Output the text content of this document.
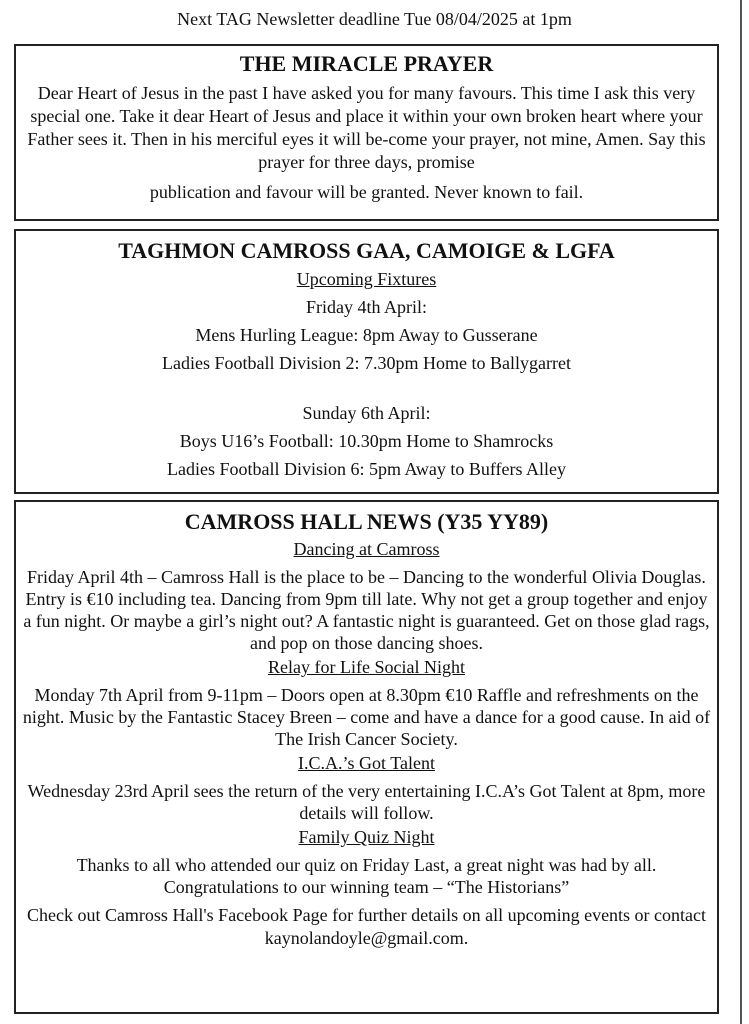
Next TAG Newsletter deadline Tue 08/04/2025 at 1pm
THE MIRACLE PRAYER

Dear Heart of Jesus in the past I have asked you for many favours. This time I ask this very special one. Take it dear Heart of Jesus and place it within your own broken heart where your Father sees it. Then in his merciful eyes it will be-come your prayer, not mine, Amen. Say this prayer for three days, promise
publication and favour will be granted. Never known to fail.

TAGHMON CAMROSS GAA, CAMOIGE & LGFA

Upcoming Fixtures

Friday 4th April:

Mens Hurling League: 8pm Away to Gusserane

Ladies Football Division 2: 7.30pm Home to Ballygarret

Sunday 6th April:

Boys U16’s Football: 10.30pm Home to Shamrocks

Ladies Football Division 6: 5pm Away to Buffers Alley

CAMROSS HALL NEWS (Y35 YY89)

Dancing at Camross

Friday April 4th – Camross Hall is the place to be – Dancing to the wonderful Olivia Douglas. Entry is €10 including tea. Dancing from 9pm till late. Why not get a group together and enjoy a fun night. Or maybe a girl’s night out? A fantastic night is guaranteed. Get on those glad rags, and pop on those dancing shoes.

Relay for Life Social Night

Monday 7th April from 9-11pm – Doors open at 8.30pm €10 Raffle and refreshments on the night. Music by the Fantastic Stacey Breen – come and have a dance for a good cause. In aid of The Irish Cancer Society.

I.C.A.’s Got Talent

Wednesday 23rd April sees the return of the very entertaining I.C.A’s Got Talent at 8pm, more details will follow.

Family Quiz Night

Thanks to all who attended our quiz on Friday Last, a great night was had by all. Congratulations to our winning team – “The Historians”

Check out Camross Hall's Facebook Page for further details on all upcoming events or contact kaynolandoyle@gmail.com.
